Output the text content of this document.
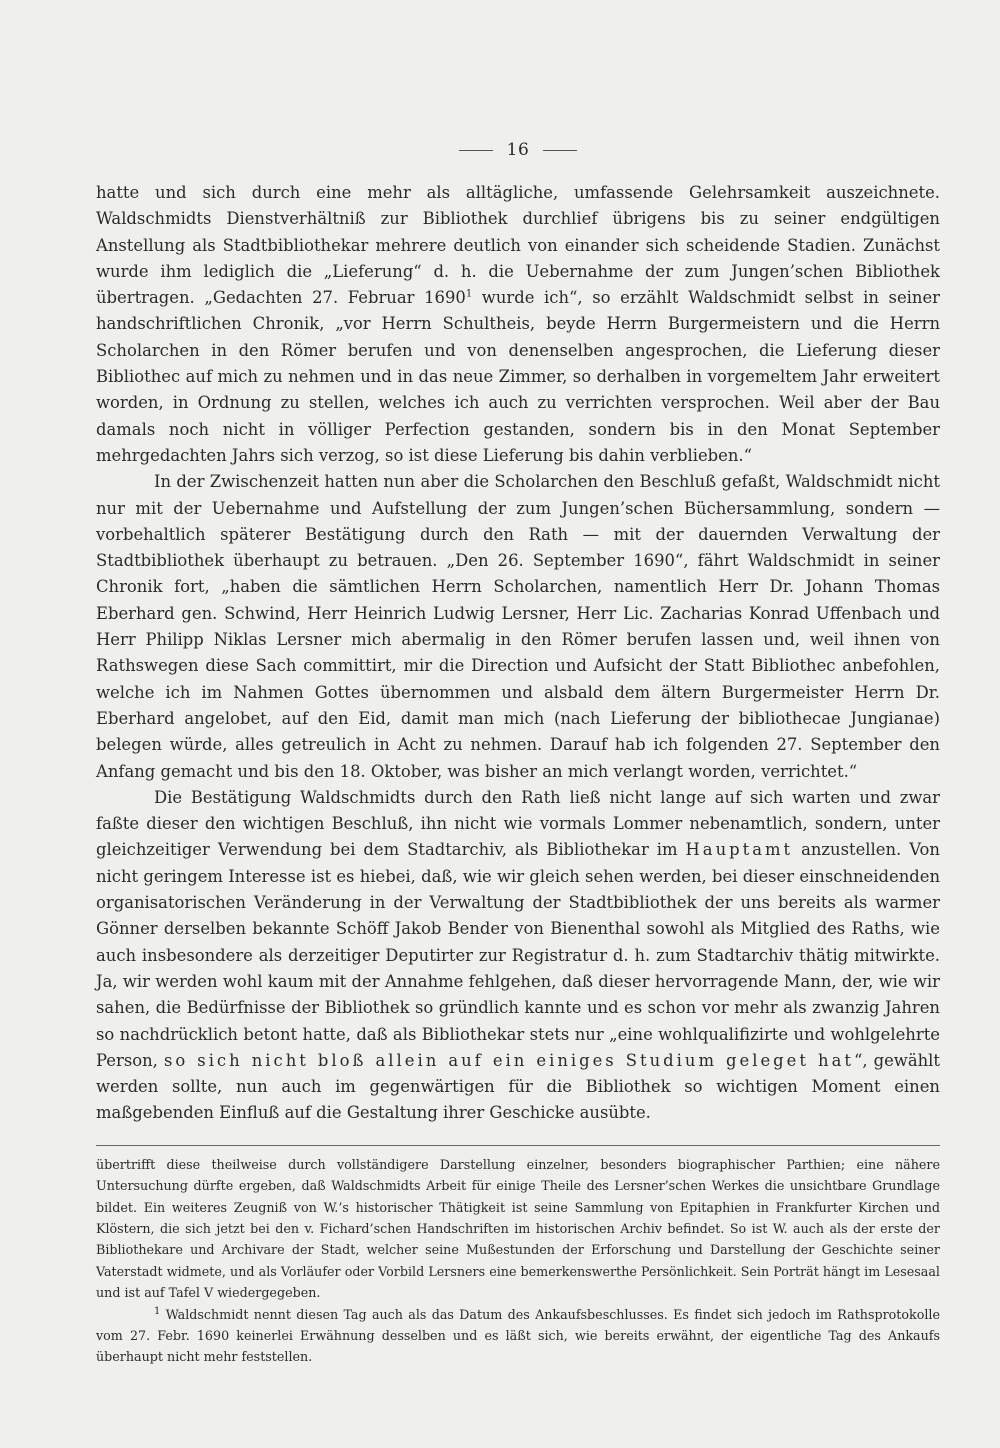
16

hatte und sich durch eine mehr als alltägliche, umfassende Gelehrsamkeit auszeichnete. Waldschmidts Dienstverhältniß zur Bibliothek durchlief übrigens bis zu seiner endgültigen Anstellung als Stadtbibliothekar mehrere deutlich von einander sich scheidende Stadien. Zunächst wurde ihm lediglich die „Lieferung“ d. h. die Uebernahme der zum Jungen’schen Bibliothek übertragen. „Gedachten 27. Februar 1690$^1$ wurde ich“, so erzählt Waldschmidt selbst in seiner handschriftlichen Chronik, „vor Herrn Schultheis, beyde Herrn Burgermeistern und die Herrn Scholarchen in den Römer berufen und von denenselben angesprochen, die Lieferung dieser Bibliothec auf mich zu nehmen und in das neue Zimmer, so derhalben in vorgemeltem Jahr erweitert worden, in Ordnung zu stellen, welches ich auch zu verrichten versprochen. Weil aber der Bau damals noch nicht in völliger Perfection gestanden, sondern bis in den Monat September mehrgedachten Jahrs sich verzog, so ist diese Lieferung bis dahin verblieben.“

In der Zwischenzeit hatten nun aber die Scholarchen den Beschluß gefaßt, Waldschmidt nicht nur mit der Uebernahme und Aufstellung der zum Jungen’schen Büchersammlung, sondern — vorbehaltlich späterer Bestätigung durch den Rath — mit der dauernden Verwaltung der Stadtbibliothek überhaupt zu betrauen. „Den 26. September 1690“, fährt Waldschmidt in seiner Chronik fort, „haben die sämtlichen Herrn Scholarchen, namentlich Herr Dr. Johann Thomas Eberhard gen. Schwind, Herr Heinrich Ludwig Lersner, Herr Lic. Zacharias Konrad Uffenbach und Herr Philipp Niklas Lersner mich abermalig in den Römer berufen lassen und, weil ihnen von Rathswegen diese Sach committirt, mir die Direction und Aufsicht der Statt Bibliothec anbefohlen, welche ich im Nahmen Gottes übernommen und alsbald dem ältern Burgermeister Herrn Dr. Eberhard angelobet, auf den Eid, damit man mich (nach Lieferung der bibliothecae Jungianae) belegen würde, alles getreulich in Acht zu nehmen. Darauf hab ich folgenden 27. September den Anfang gemacht und bis den 18. Oktober, was bisher an mich verlangt worden, verrichtet.“

Die Bestätigung Waldschmidts durch den Rath ließ nicht lange auf sich warten und zwar faßte dieser den wichtigen Beschluß, ihn nicht wie vormals Lommer nebenamtlich, sondern, unter gleichzeitiger Verwendung bei dem Stadtarchiv, als Bibliothekar im Hauptamt anzustellen. Von nicht geringem Interesse ist es hiebei, daß, wie wir gleich sehen werden, bei dieser einschneidenden organisatorischen Veränderung in der Verwaltung der Stadtbibliothek der uns bereits als warmer Gönner derselben bekannte Schöff Jakob Bender von Bienenthal sowohl als Mitglied des Raths, wie auch insbesondere als derzeitiger Deputirter zur Registratur d. h. zum Stadtarchiv thätig mitwirkte. Ja, wir werden wohl kaum mit der Annahme fehlgehen, daß dieser hervorragende Mann, der, wie wir sahen, die Bedürfnisse der Bibliothek so gründlich kannte und es schon vor mehr als zwanzig Jahren so nachdrücklich betont hatte, daß als Bibliothekar stets nur „eine wohlqualifizirte und wohlgelehrte Person, so sich nicht bloß allein auf ein einiges Studium geleget hat“, gewählt werden sollte, nun auch im gegenwärtigen für die Bibliothek so wichtigen Moment einen maßgebenden Einfluß auf die Gestaltung ihrer Geschicke ausübte.

übertrifft diese theilweise durch vollständigere Darstellung einzelner, besonders biographischer Parthien; eine nähere Untersuchung dürfte ergeben, daß Waldschmidts Arbeit für einige Theile des Lersner’schen Werkes die unsichtbare Grundlage bildet. Ein weiteres Zeugniß von W.’s historischer Thätigkeit ist seine Sammlung von Epitaphien in Frankfurter Kirchen und Klöstern, die sich jetzt bei den v. Fichard’schen Handschriften im historischen Archiv befindet. So ist W. auch als der erste der Bibliothekare und Archivare der Stadt, welcher seine Mußestunden der Erforschung und Darstellung der Geschichte seiner Vaterstadt widmete, und als Vorläufer oder Vorbild Lersners eine bemerkenswerthe Persönlichkeit. Sein Porträt hängt im Lesesaal und ist auf Tafel V wiedergegeben.

$^1$ Waldschmidt nennt diesen Tag auch als das Datum des Ankaufsbeschlusses. Es findet sich jedoch im Rathsprotokolle vom 27. Febr. 1690 keinerlei Erwähnung desselben und es läßt sich, wie bereits erwähnt, der eigentliche Tag des Ankaufs überhaupt nicht mehr feststellen.
